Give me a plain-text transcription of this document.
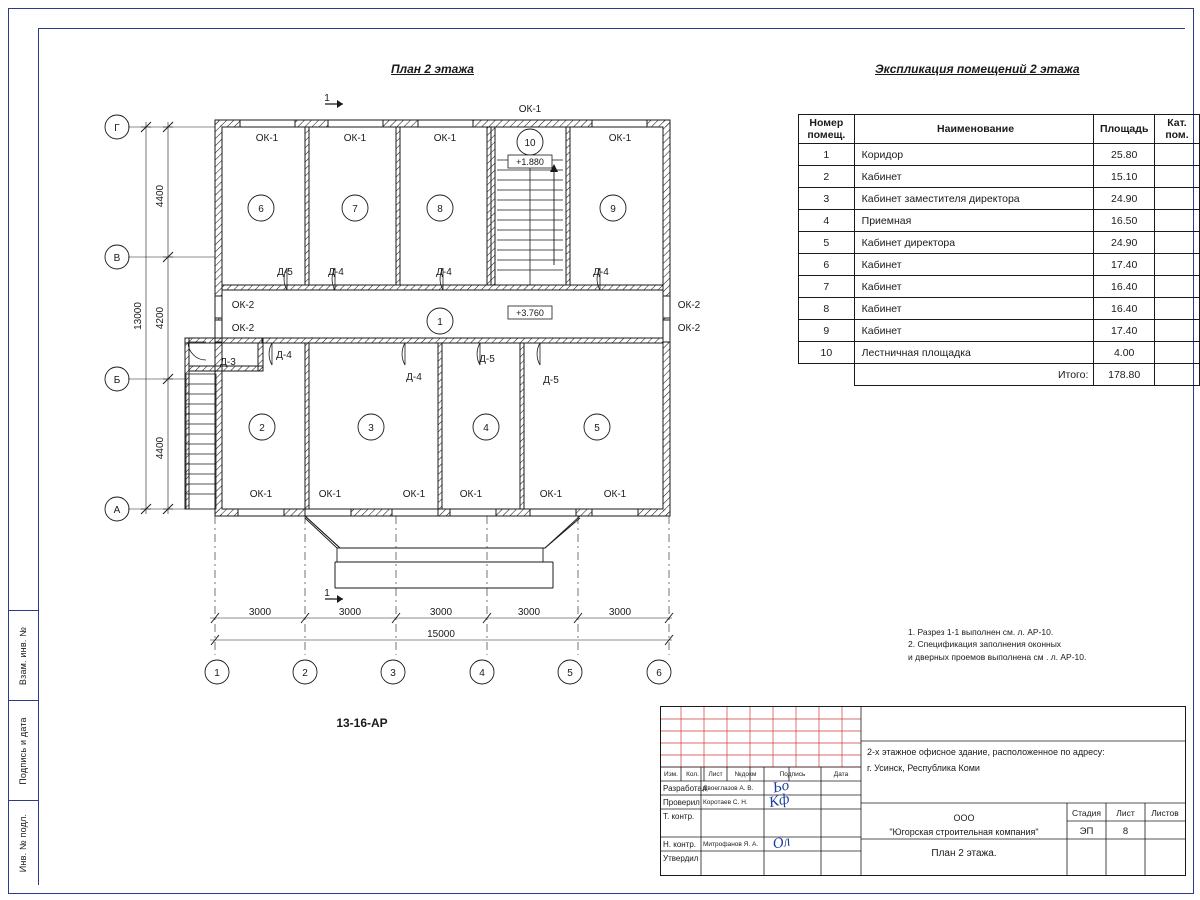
Взам. инв. №
Подпись и дата
Инв. № подл.
План 2 этажа	Экспликация помещений 2 этажа
Номер
помещ.	Наименование	Площадь	Кат.
пом.
1	Коридор	25.80	
2	Кабинет	15.10	
3	Кабинет заместителя директора	24.90	
4	Приемная	16.50	
5	Кабинет директора	24.90	
6	Кабинет	17.40	
7	Кабинет	16.40	
8	Кабинет	16.40	
9	Кабинет	17.40	
10	Лестничная площадка	4.00	
	Итого:	178.80	
Г
В
Б
А
1	2	3	4	5	6
1
2	3	4	5
6	7	8	9
10
+1.880
+3.760
1
1
ОК-1	ОК-1	ОК-1	ОК-1
ОК-1
ОК-1	ОК-1	ОК-1	ОК-1	ОК-1	ОК-1
ОК-2
ОК-2
ОК-2
ОК-2
Д-5	Д-4	Д-4	Д-4
Д-3
Д-4
Д-4
Д-5
Д-5
3000	3000	3000	3000	3000
15000
4400
4200
4400
13000
1. Разрез 1-1 выполнен см. л. АР-10.
2. Спецификация заполнения оконных
и дверных проемов выполнена см . л. АР-10.
Изм.	Кол.	Лист	№докм	Подпись	Дата
Разработал
Двоеглазов А. В.
Проверил Коротаев С. Н.
Т. контр.
Н. контр.	Митрофанов Я. А.
Утвердил
Ьо
Кф
Ол
2-х этажное офисное здание, расположенное по адресу:
г. Усинск, Республика Коми
ООО
"Югорская строительная компания"
Стадия	Лист	Листов
ЭП	8
План 2 этажа.
13-16-АР
